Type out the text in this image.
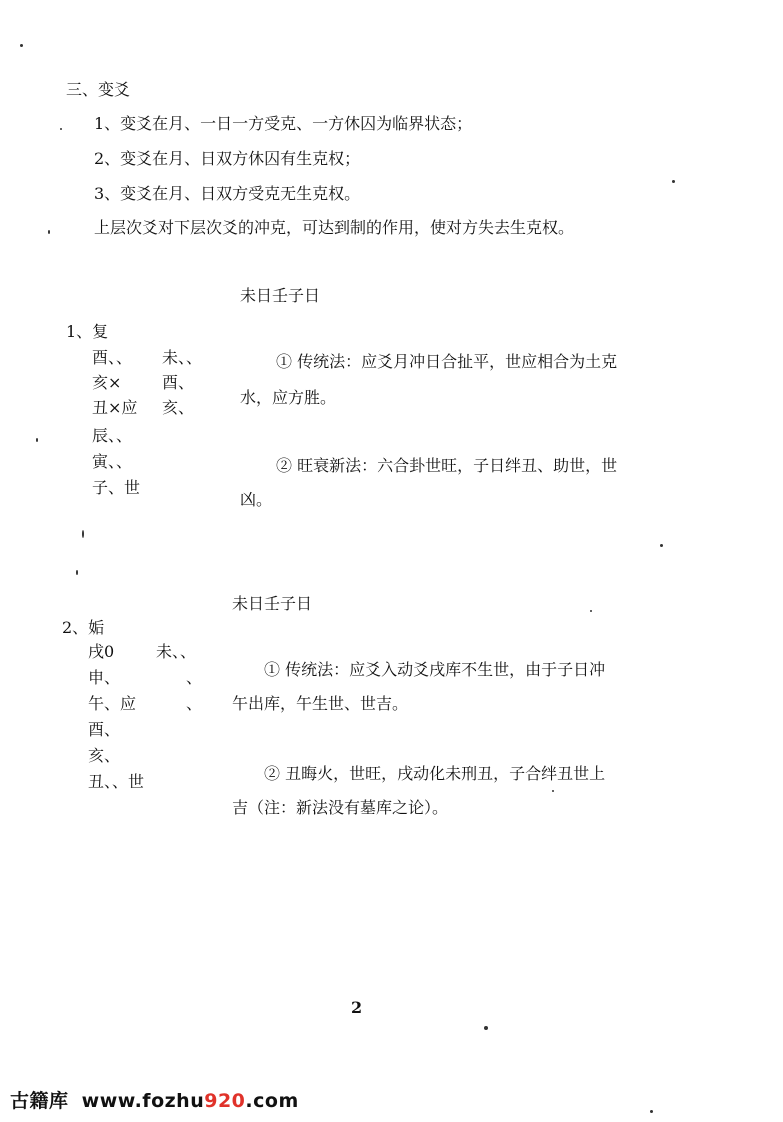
三、变爻
1、变爻在月、一日一方受克、一方休囚为临界状态；
2、变爻在月、日双方休囚有生克权；
3、变爻在月、日双方受克无生克权。
上层次爻对下层次爻的冲克，可达到制的作用，使对方失去生克权。
未日壬子日
1、复
酉、、
亥×
丑×应
辰、、
寅、、
子、世
未、、
酉、
亥、
① 传统法：应爻月冲日合扯平，世应相合为土克
水，应方胜。
② 旺衰新法：六合卦世旺，子日绊丑、助世，世
凶。
未日壬子日
2、姤
戌0
申、
午、应
酉、
亥、
丑、、世
未、、
、
、
① 传统法：应爻入动爻戌库不生世，由于子日冲
午出库，午生世、世吉。
② 丑晦火，世旺，戌动化未刑丑，子合绊丑世上
吉（注：新法没有墓库之论）。
2
古籍库 www.fozhu920.com
